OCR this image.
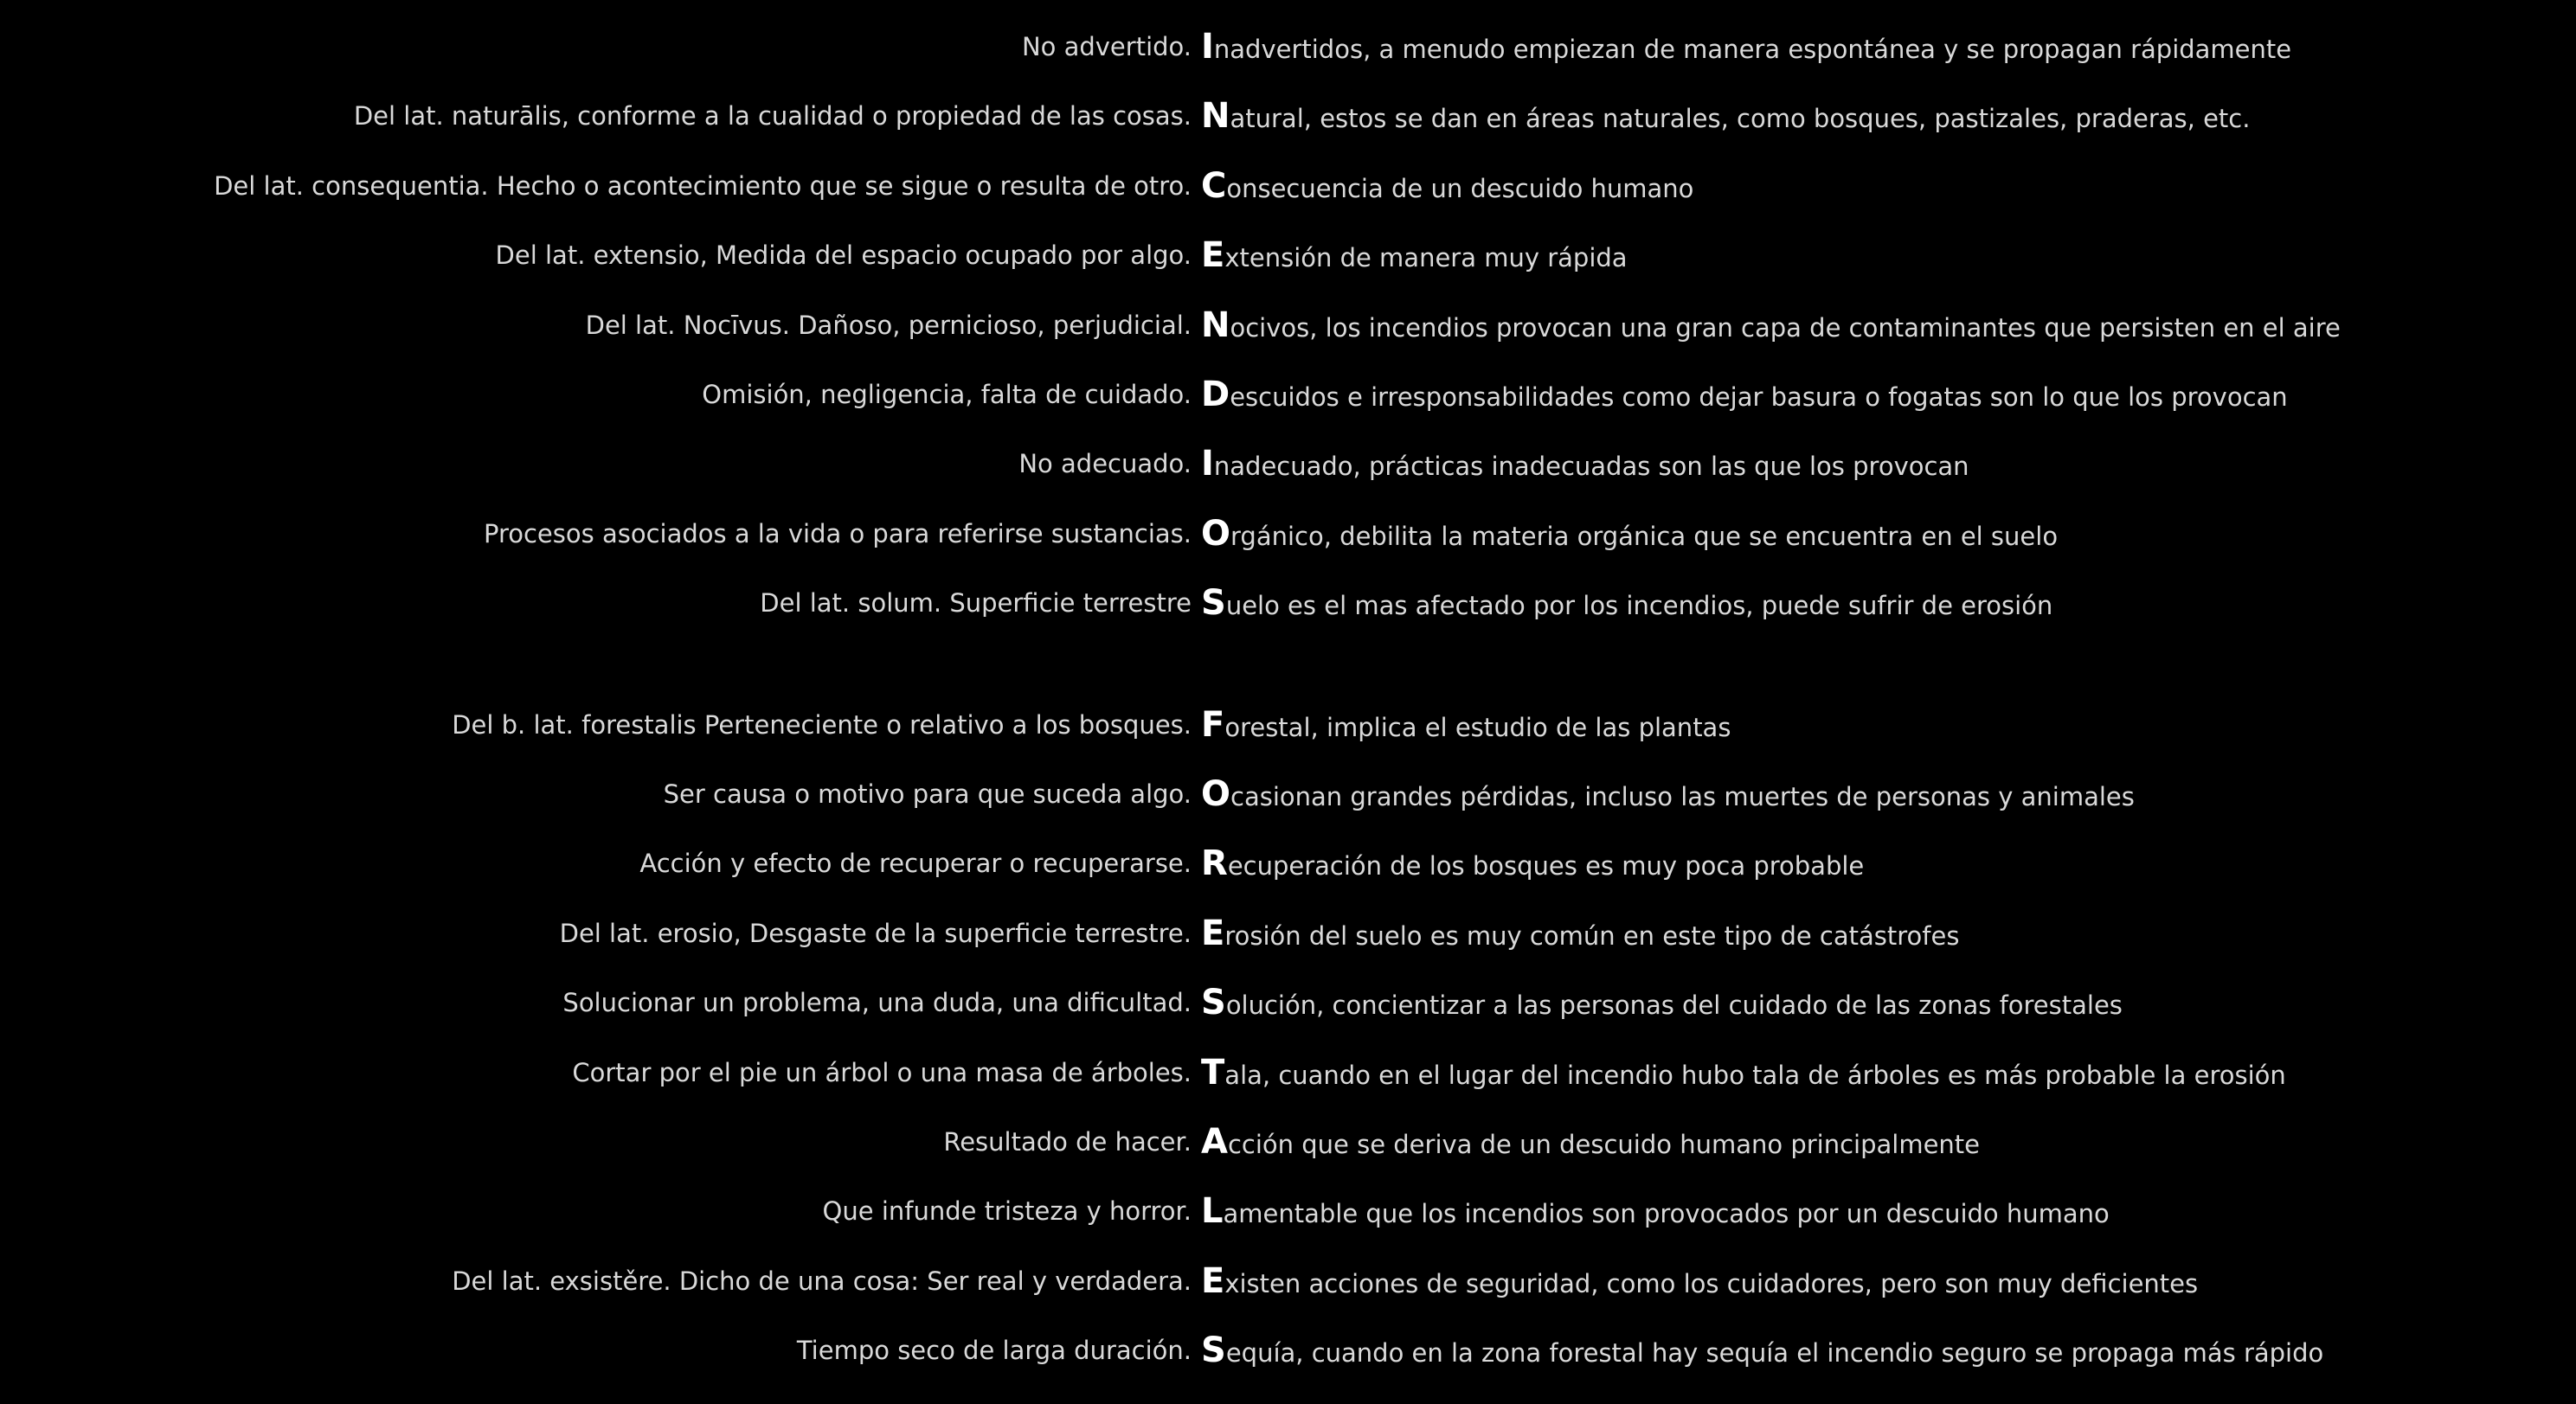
No advertido. Inadvertidos, a menudo empiezan de manera espontánea y se propagan rápidamente
Del lat. naturālis, conforme a la cualidad o propiedad de las cosas. Natural, estos se dan en áreas naturales, como bosques, pastizales, praderas, etc.
Del lat. consequentia. Hecho o acontecimiento que se sigue o resulta de otro. Consecuencia de un descuido humano
Del lat. extensio, Medida del espacio ocupado por algo. Extensión de manera muy rápida
Del lat. Nocīvus. Dañoso, pernicioso, perjudicial. Nocivos, los incendios provocan una gran capa de contaminantes que persisten en el aire
Omisión, negligencia, falta de cuidado. Descuidos e irresponsabilidades como dejar basura o fogatas son lo que los provocan
No adecuado. Inadecuado, prácticas inadecuadas son las que los provocan
Procesos asociados a la vida o para referirse sustancias. Orgánico, debilita la materia orgánica que se encuentra en el suelo
Del lat. solum. Superficie terrestre Suelo es el mas afectado por los incendios, puede sufrir de erosión
Del b. lat. forestalis Perteneciente o relativo a los bosques. Forestal, implica el estudio de las plantas
Ser causa o motivo para que suceda algo. Ocasionan grandes pérdidas, incluso las muertes de personas y animales
Acción y efecto de recuperar o recuperarse. Recuperación de los bosques es muy poca probable
Del lat. erosio, Desgaste de la superficie terrestre. Erosión del suelo es muy común en este tipo de catástrofes
Solucionar un problema, una duda, una dificultad. Solución, concientizar a las personas del cuidado de las zonas forestales
Cortar por el pie un árbol o una masa de árboles. Tala, cuando en el lugar del incendio hubo tala de árboles es más probable la erosión
Resultado de hacer. Acción que se deriva de un descuido humano principalmente
Que infunde tristeza y horror. Lamentable que los incendios son provocados por un descuido humano
Del lat. exsistěre. Dicho de una cosa: Ser real y verdadera. Existen acciones de seguridad, como los cuidadores, pero son muy deficientes
Tiempo seco de larga duración. Sequía, cuando en la zona forestal hay sequía el incendio seguro se propaga más rápido
